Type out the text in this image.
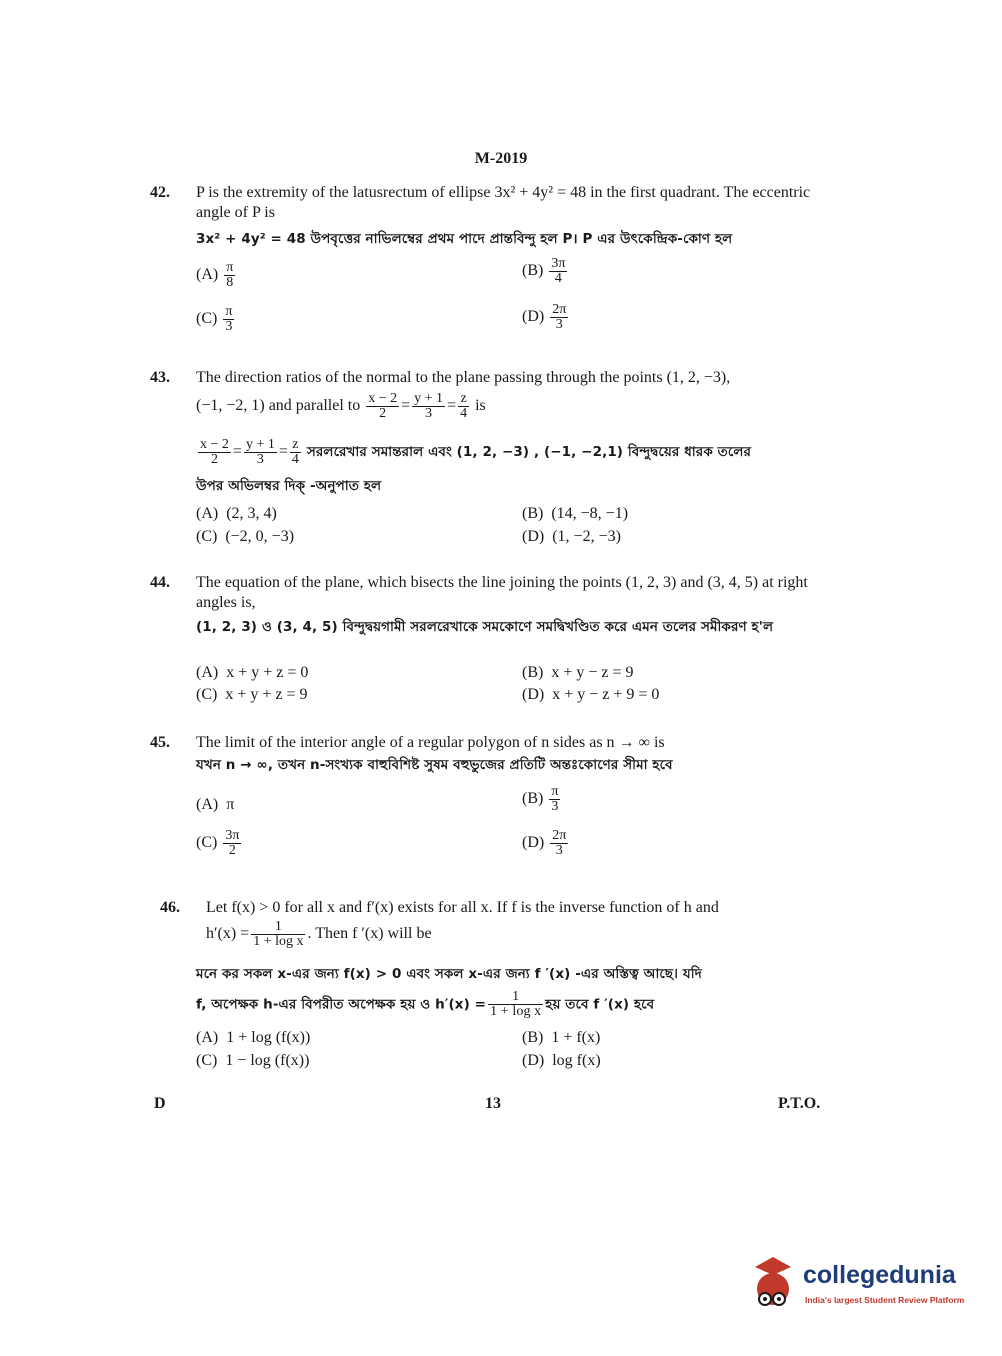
M-2019
42. P is the extremity of the latusrectum of ellipse 3x² + 4y² = 48 in the first quadrant. The eccentric angle of P is
3x² + 4y² = 48 উপবৃত্তের নাভিলম্বের প্রথম পাদে প্রান্তবিন্দু হল P। P এর উৎকেন্দ্রিক-কোণ হল
$(A) \frac{\pi}{8}$	$(B) \frac{3\pi}{4}$
$(C) \frac{\pi}{3}$	$(D) \frac{2\pi}{3}$
43. The direction ratios of the normal to the plane passing through the points (1, 2, −3),
(−1, −2, 1) and parallel to $\frac{x - 2}{2} = \frac{y + 1}{3} = \frac{z}{4}$ is
$\frac{x - 2}{2} = \frac{y + 1}{3} = \frac{z}{4}$ সরলরেখার সমান্তরাল এবং (1, 2, −3) , (−1, −2,1) বিন্দুদ্বয়ের ধারক তলের
উপর অভিলম্বর দিক্ -অনুপাত হল
(A) (2, 3, 4)	(B) (14, −8, −1)
(C) (−2, 0, −3)	(D) (1, −2, −3)
44. The equation of the plane, which bisects the line joining the points (1, 2, 3) and (3, 4, 5) at right angles is,
(1, 2, 3) ও (3, 4, 5) বিন্দুদ্বয়গামী সরলরেখাকে সমকোণে সমদ্বিখণ্ডিত করে এমন তলের সমীকরণ হ'ল
(A) x + y + z = 0	(B) x + y − z = 9
(C) x + y + z = 9	(D) x + y − z + 9 = 0
45. The limit of the interior angle of a regular polygon of n sides as n → ∞ is
যখন n → ∞, তখন n-সংখ্যক বাহুবিশিষ্ট সুষম বহুভুজের প্রতিটি অন্তঃকোণের সীমা হবে
(A) π	$(B) \frac{\pi}{3}$
$(C) \frac{3\pi}{2}$	$(D) \frac{2\pi}{3}$
46. Let f(x) > 0 for all x and f′(x) exists for all x. If f is the inverse function of h and
$h'(x) = \frac{1}{\text{1 + log x}}$ . Then f ′(x) will be
মনে কর সকল x-এর জন্য f(x) > 0 এবং সকল x-এর জন্য f ′(x) -এর অস্তিত্ব আছে। যদি
f, অপেক্ষক h-এর বিপরীত অপেক্ষক হয় ও $h'(x) = \frac{1}{\text{1 + log x}}$ হয় তবে f ′(x) হবে
(A) 1 + log (f(x))	(B) 1 + f(x)
(C) 1 − log (f(x))	(D) log f(x)
D	13	P.T.O.
collegedunia
India's largest Student Review Platform
